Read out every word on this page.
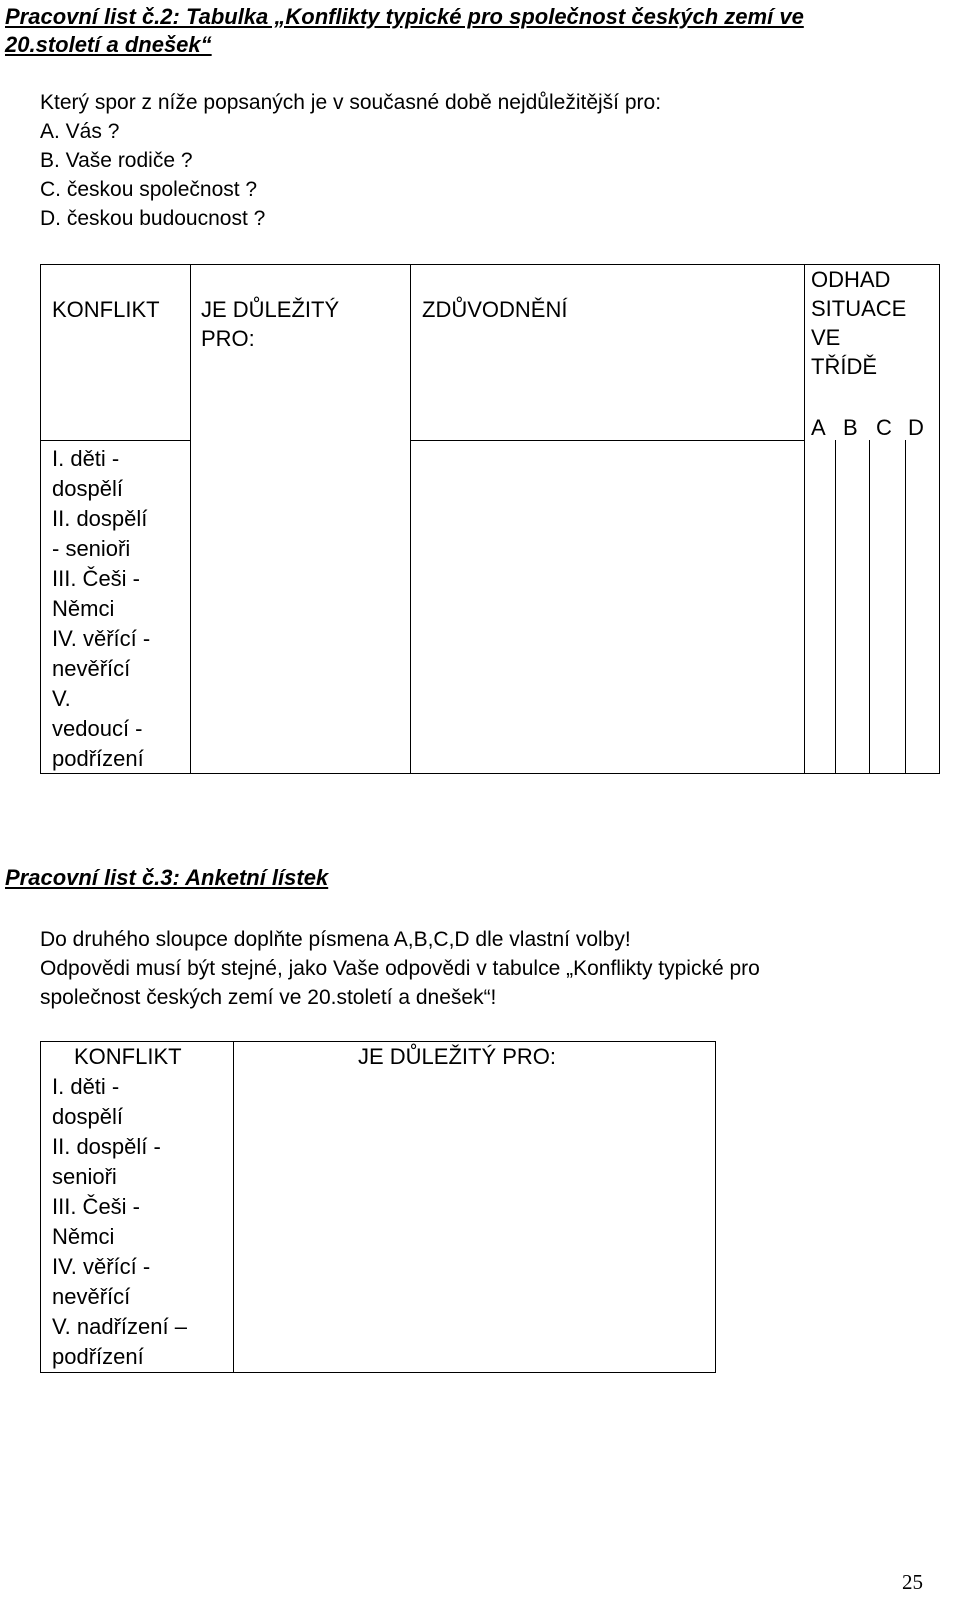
Pracovní list č.2: Tabulka „Konflikty typické pro společnost českých zemí ve
20.století a dnešek“
Který spor z níže popsaných je v současné době nejdůležitější pro:
A. Vás ?
B. Vaše rodiče ?
C. českou společnost ?
D. českou budoucnost ?
KONFLIKT JE DŮLEŽITÝ
PRO:
ZDŮVODNĚNÍ
ODHAD
SITUACE
VE
TŘÍDĚ
A B C D
I. děti -
dospělí
II. dospělí
- senioři
III. Češi -
Němci
IV. věřící -
nevěřící
V.
vedoucí -
podřízení
Pracovní list č.3: Anketní lístek
Do druhého sloupce doplňte písmena A,B,C,D dle vlastní volby!
Odpovědi musí být stejné, jako Vaše odpovědi v tabulce „Konflikty typické pro
společnost českých zemí ve 20.století a dnešek“!
KONFLIKT	JE DŮLEŽITÝ PRO:
I. děti -
dospělí
II. dospělí -
senioři
III. Češi -
Němci
IV. věřící -
nevěřící
V. nadřízení –
podřízení
25
